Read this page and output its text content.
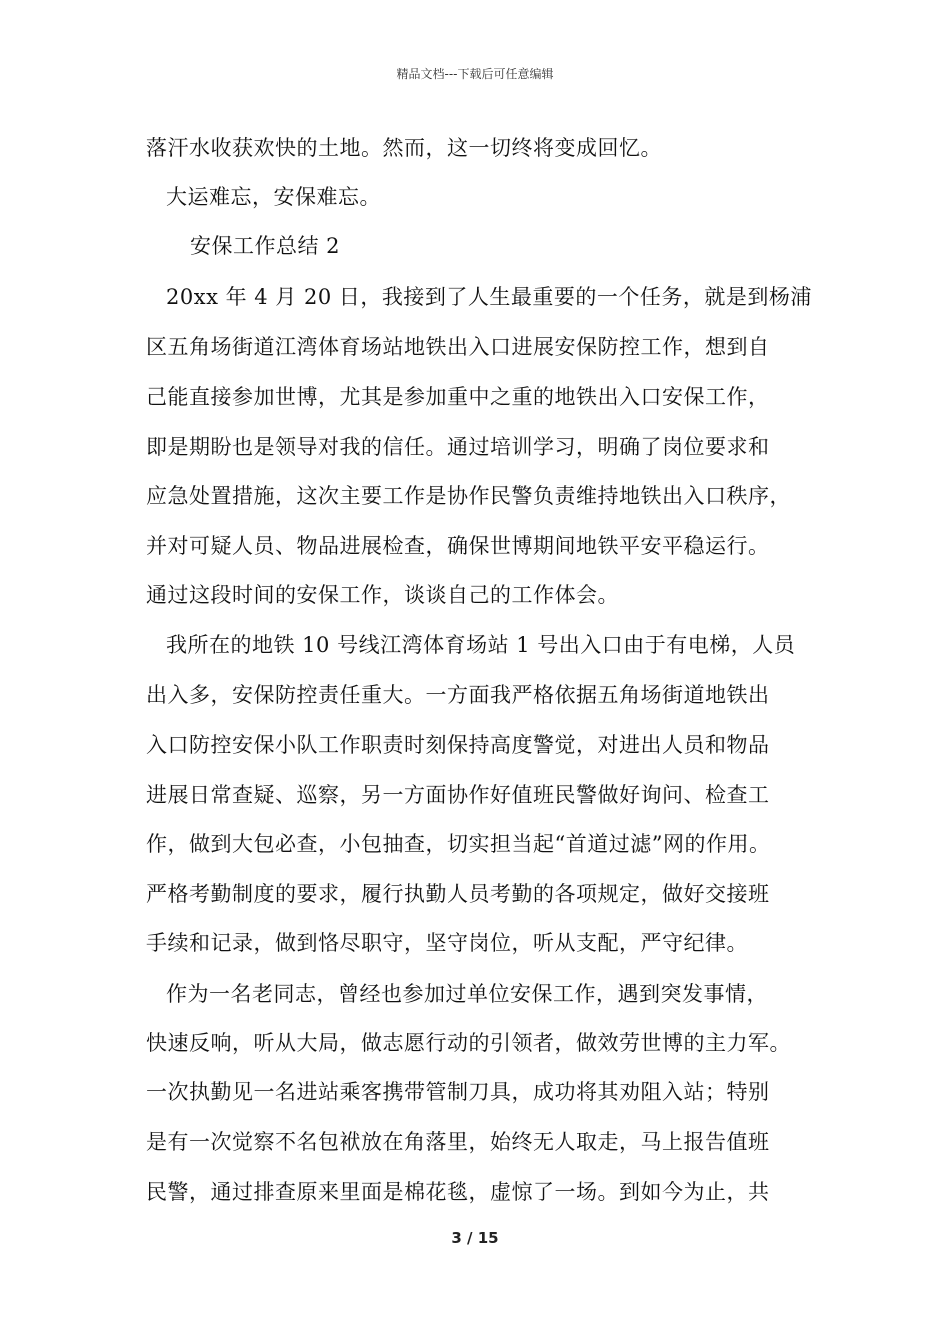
精品文档---下载后可任意编辑
落汗水收获欢快的土地。然而，这一切终将变成回忆。
大运难忘，安保难忘。
安保工作总结 2
20xx 年 4 月 20 日，我接到了人生最重要的一个任务，就是到杨浦
区五角场街道江湾体育场站地铁出入口进展安保防控工作，想到自
己能直接参加世博，尤其是参加重中之重的地铁出入口安保工作，
即是期盼也是领导对我的信任。通过培训学习，明确了岗位要求和
应急处置措施，这次主要工作是协作民警负责维持地铁出入口秩序，
并对可疑人员、物品进展检查，确保世博期间地铁平安平稳运行。
通过这段时间的安保工作，谈谈自己的工作体会。
我所在的地铁 10 号线江湾体育场站 1 号出入口由于有电梯，人员
出入多，安保防控责任重大。一方面我严格依据五角场街道地铁出
入口防控安保小队工作职责时刻保持高度警觉，对进出人员和物品
进展日常查疑、巡察，另一方面协作好值班民警做好询问、检查工
作，做到大包必查，小包抽查，切实担当起“首道过滤”网的作用。
严格考勤制度的要求，履行执勤人员考勤的各项规定，做好交接班
手续和记录，做到恪尽职守，坚守岗位，听从支配，严守纪律。
作为一名老同志，曾经也参加过单位安保工作，遇到突发事情，
快速反响，听从大局，做志愿行动的引领者，做效劳世博的主力军。
一次执勤见一名进站乘客携带管制刀具，成功将其劝阻入站；特别
是有一次觉察不名包袱放在角落里，始终无人取走，马上报告值班
民警，通过排查原来里面是棉花毯，虚惊了一场。到如今为止，共
3 / 15
